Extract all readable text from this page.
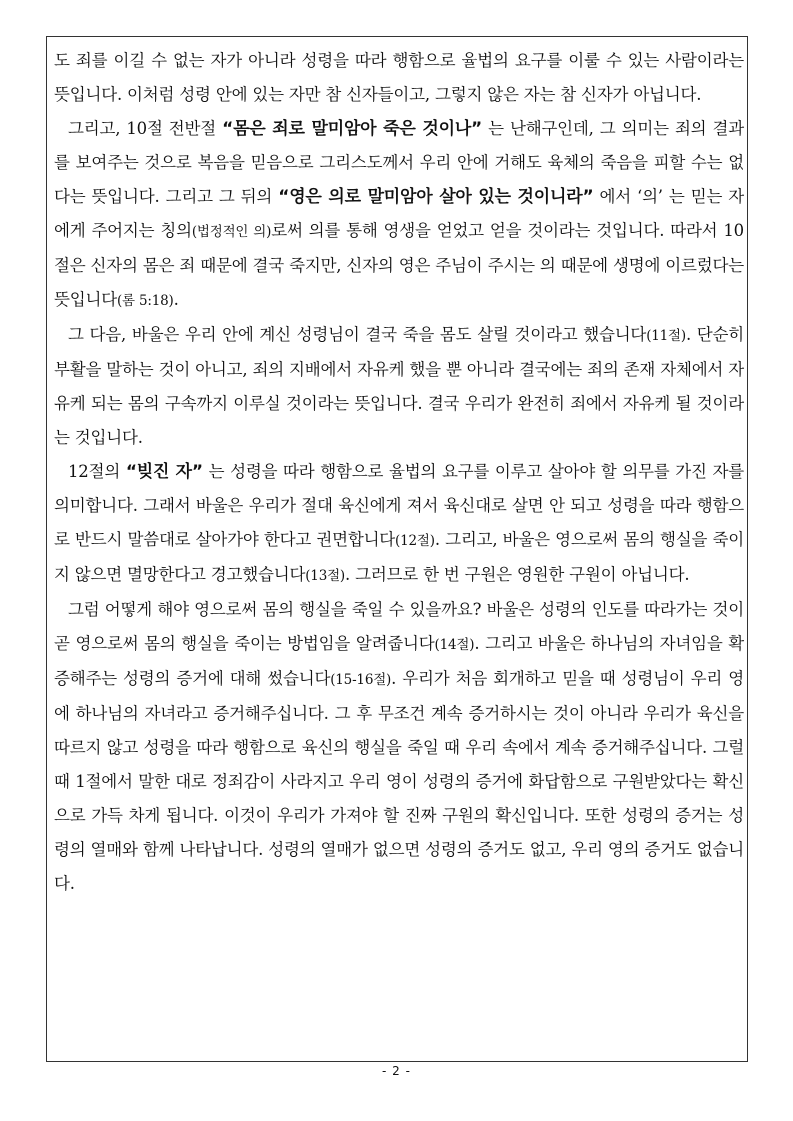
도 죄를 이길 수 없는 자가 아니라 성령을 따라 행함으로 율법의 요구를 이룰 수 있는 사람이라는 뜻입니다. 이처럼 성령 안에 있는 자만 참 신자들이고, 그렇지 않은 자는 참 신자가 아닙니다.

그리고, 10절 전반절 “몸은 죄로 말미암아 죽은 것이나” 는 난해구인데, 그 의미는 죄의 결과를 보여주는 것으로 복음을 믿음으로 그리스도께서 우리 안에 거해도 육체의 죽음을 피할 수는 없다는 뜻입니다. 그리고 그 뒤의 “영은 의로 말미암아 살아 있는 것이니라” 에서 ‘의’ 는 믿는 자에게 주어지는 칭의(법정적인 의)로써 의를 통해 영생을 얻었고 얻을 것이라는 것입니다. 따라서 10절은 신자의 몸은 죄 때문에 결국 죽지만, 신자의 영은 주님이 주시는 의 때문에 생명에 이르렀다는 뜻입니다(롬 5:18).

그 다음, 바울은 우리 안에 계신 성령님이 결국 죽을 몸도 살릴 것이라고 했습니다(11절). 단순히 부활을 말하는 것이 아니고, 죄의 지배에서 자유케 했을 뿐 아니라 결국에는 죄의 존재 자체에서 자유케 되는 몸의 구속까지 이루실 것이라는 뜻입니다. 결국 우리가 완전히 죄에서 자유케 될 것이라는 것입니다.

12절의 “빚진 자” 는 성령을 따라 행함으로 율법의 요구를 이루고 살아야 할 의무를 가진 자를 의미합니다. 그래서 바울은 우리가 절대 육신에게 져서 육신대로 살면 안 되고 성령을 따라 행함으로 반드시 말씀대로 살아가야 한다고 권면합니다(12절). 그리고, 바울은 영으로써 몸의 행실을 죽이지 않으면 멸망한다고 경고했습니다(13절). 그러므로 한 번 구원은 영원한 구원이 아닙니다.

그럼 어떻게 해야 영으로써 몸의 행실을 죽일 수 있을까요? 바울은 성령의 인도를 따라가는 것이 곧 영으로써 몸의 행실을 죽이는 방법임을 알려줍니다(14절). 그리고 바울은 하나님의 자녀임을 확증해주는 성령의 증거에 대해 썼습니다(15-16절). 우리가 처음 회개하고 믿을 때 성령님이 우리 영에 하나님의 자녀라고 증거해주십니다. 그 후 무조건 계속 증거하시는 것이 아니라 우리가 육신을 따르지 않고 성령을 따라 행함으로 육신의 행실을 죽일 때 우리 속에서 계속 증거해주십니다. 그럴 때 1절에서 말한 대로 정죄감이 사라지고 우리 영이 성령의 증거에 화답함으로 구원받았다는 확신으로 가득 차게 됩니다. 이것이 우리가 가져야 할 진짜 구원의 확신입니다. 또한 성령의 증거는 성령의 열매와 함께 나타납니다. 성령의 열매가 없으면 성령의 증거도 없고, 우리 영의 증거도 없습니다.

- 2 -
